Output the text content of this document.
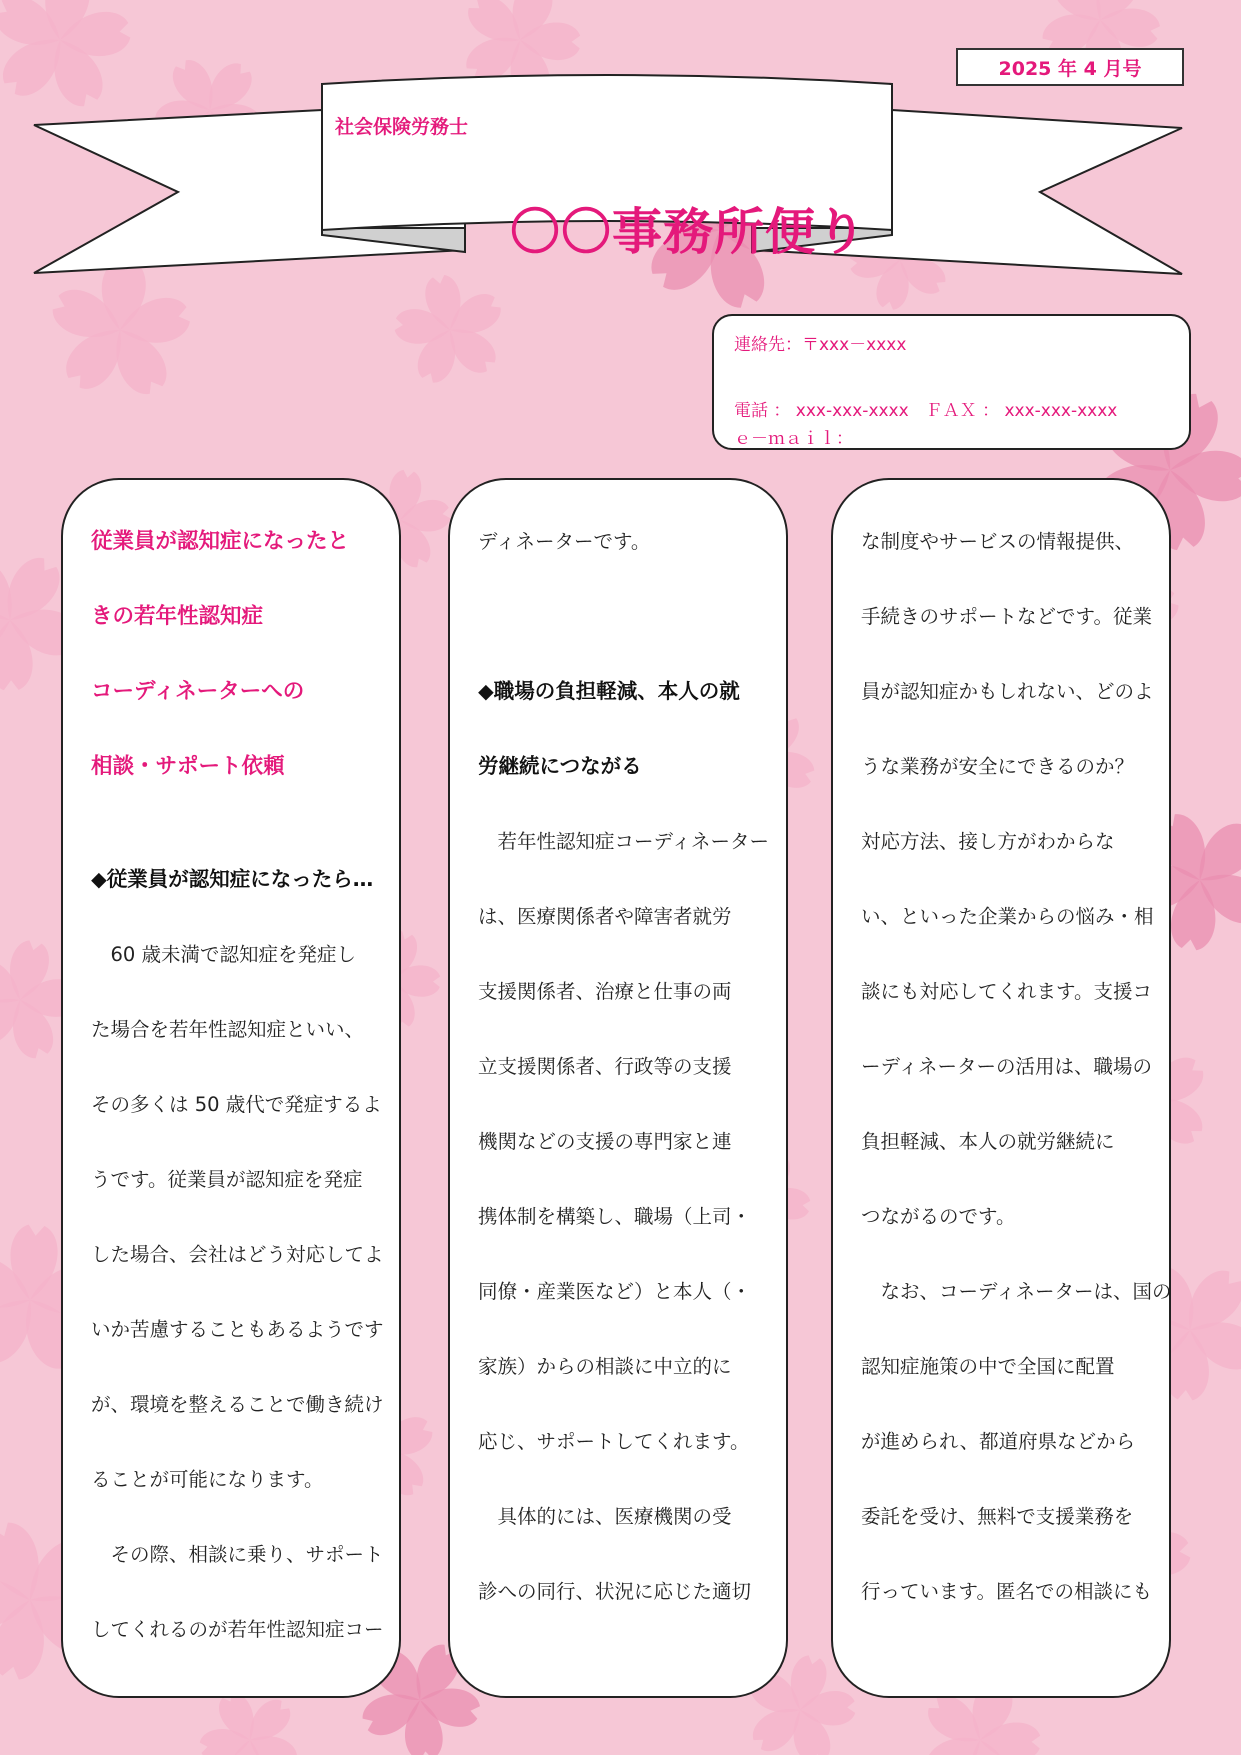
2025 年 4 月号
社会保険労務士
〇〇事務所便り
連絡先：〒xxx－xxxx
電話 ： xxx-xxx-xxxx　ＦＡＸ ： xxx-xxx-xxxx
ｅ－ｍａｉｌ：
従業員が認知症になったと
きの若年性認知症
コーディネーターへの
相談・サポート依頼
◆従業員が認知症になったら…
　60 歳未満で認知症を発症し
た場合を若年性認知症といい、
その多くは 50 歳代で発症するよ
うです。従業員が認知症を発症
した場合、会社はどう対応してよ
いか苦慮することもあるようです
が、環境を整えることで働き続け
ることが可能になります。
　その際、相談に乗り、サポート
してくれるのが若年性認知症コー
ディネーターです。
◆職場の負担軽減、本人の就
労継続につながる
　若年性認知症コーディネーター
は、医療関係者や障害者就労
支援関係者、治療と仕事の両
立支援関係者、行政等の支援
機関などの支援の専門家と連
携体制を構築し、職場（上司・
同僚・産業医など）と本人（・
家族）からの相談に中立的に
応じ、サポートしてくれます。
　具体的には、医療機関の受
診への同行、状況に応じた適切
な制度やサービスの情報提供、
手続きのサポートなどです。従業
員が認知症かもしれない、どのよ
うな業務が安全にできるのか？
対応方法、接し方がわからな
い、といった企業からの悩み・相
談にも対応してくれます。支援コ
ーディネーターの活用は、職場の
負担軽減、本人の就労継続に
つながるのです。
　なお、コーディネーターは、国の
認知症施策の中で全国に配置
が進められ、都道府県などから
委託を受け、無料で支援業務を
行っています。匿名での相談にも
